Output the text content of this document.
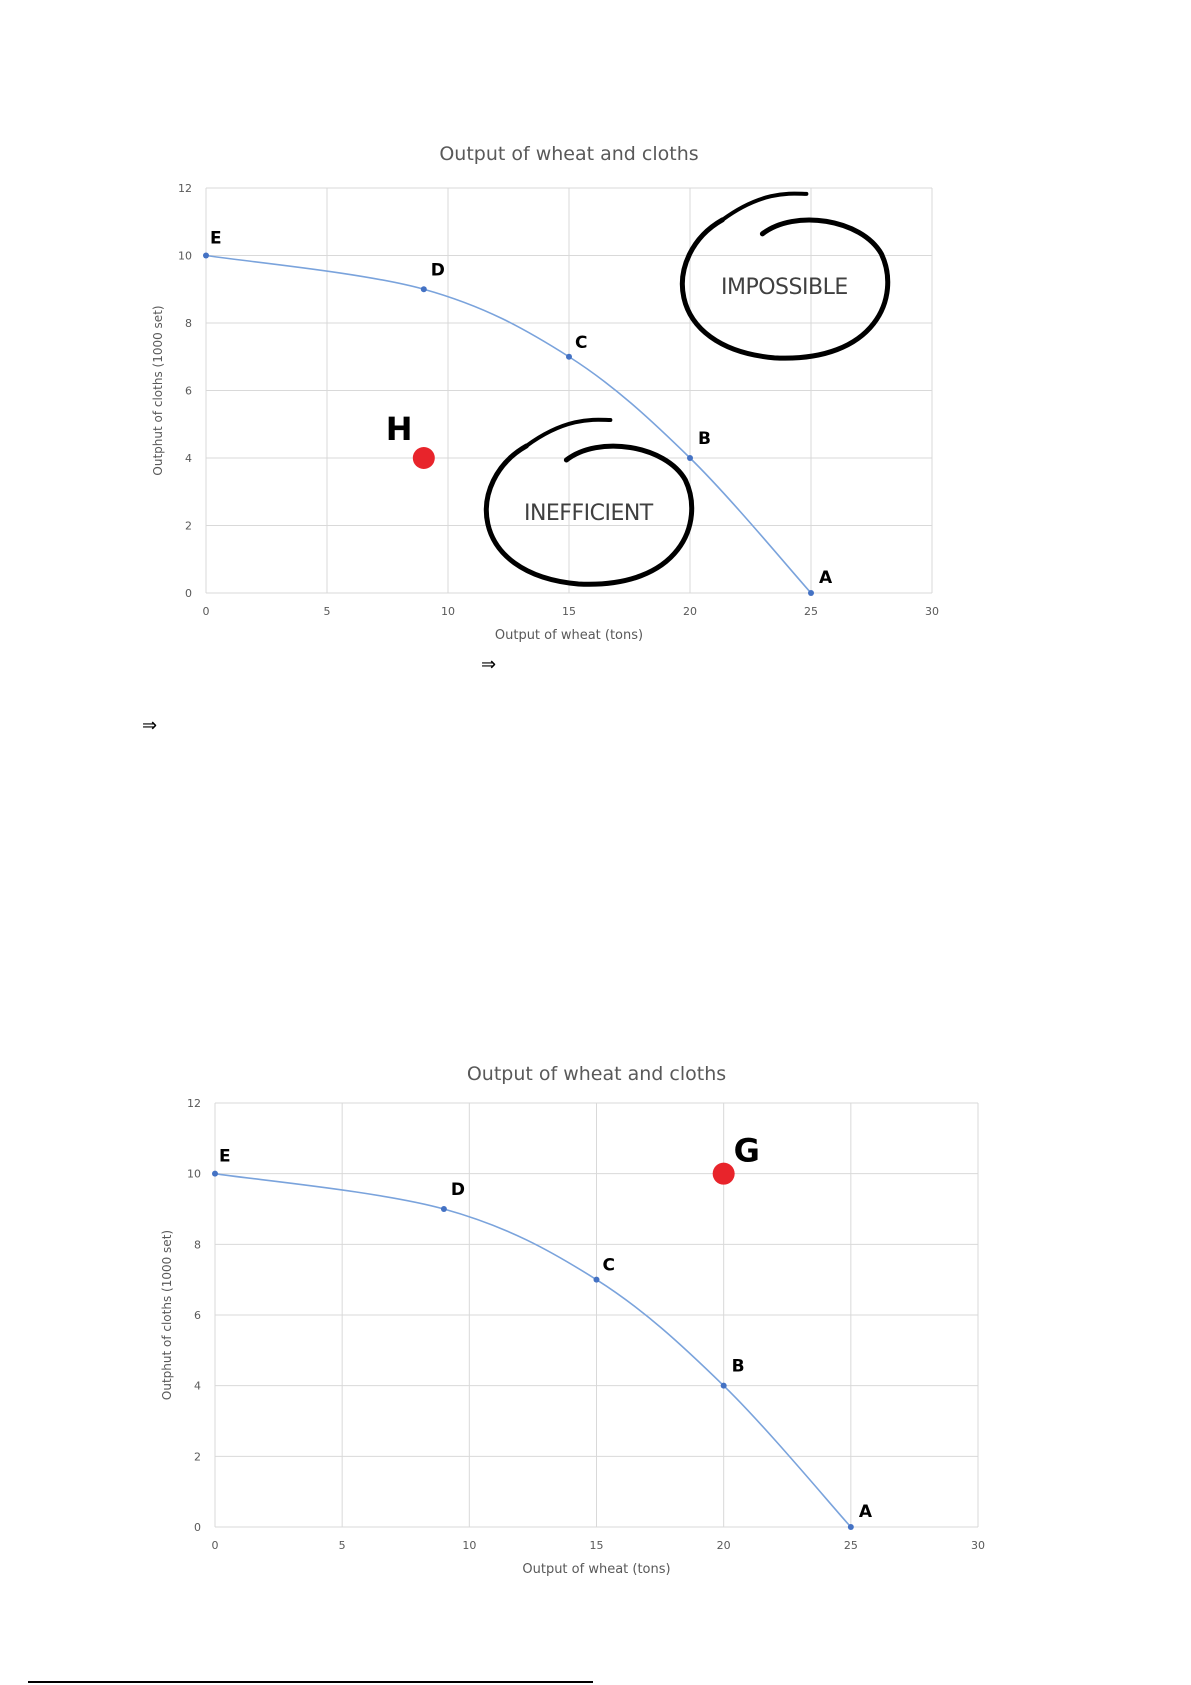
0	5	10	15	20	25	30
0
2
4
6
8
10
12
Output of wheat and cloths
Output of wheat (tons)
Outphut of cloths (1000 set)
E
D
C
B
A
H
IMPOSSIBLE
INEFFICIENT
⇒
⇒
0	5	10	15	20	25	30
0
2
4
6
8
10
12
Output of wheat and cloths
Output of wheat (tons)
Outphut of cloths (1000 set)
E
D
C
B
A
G
